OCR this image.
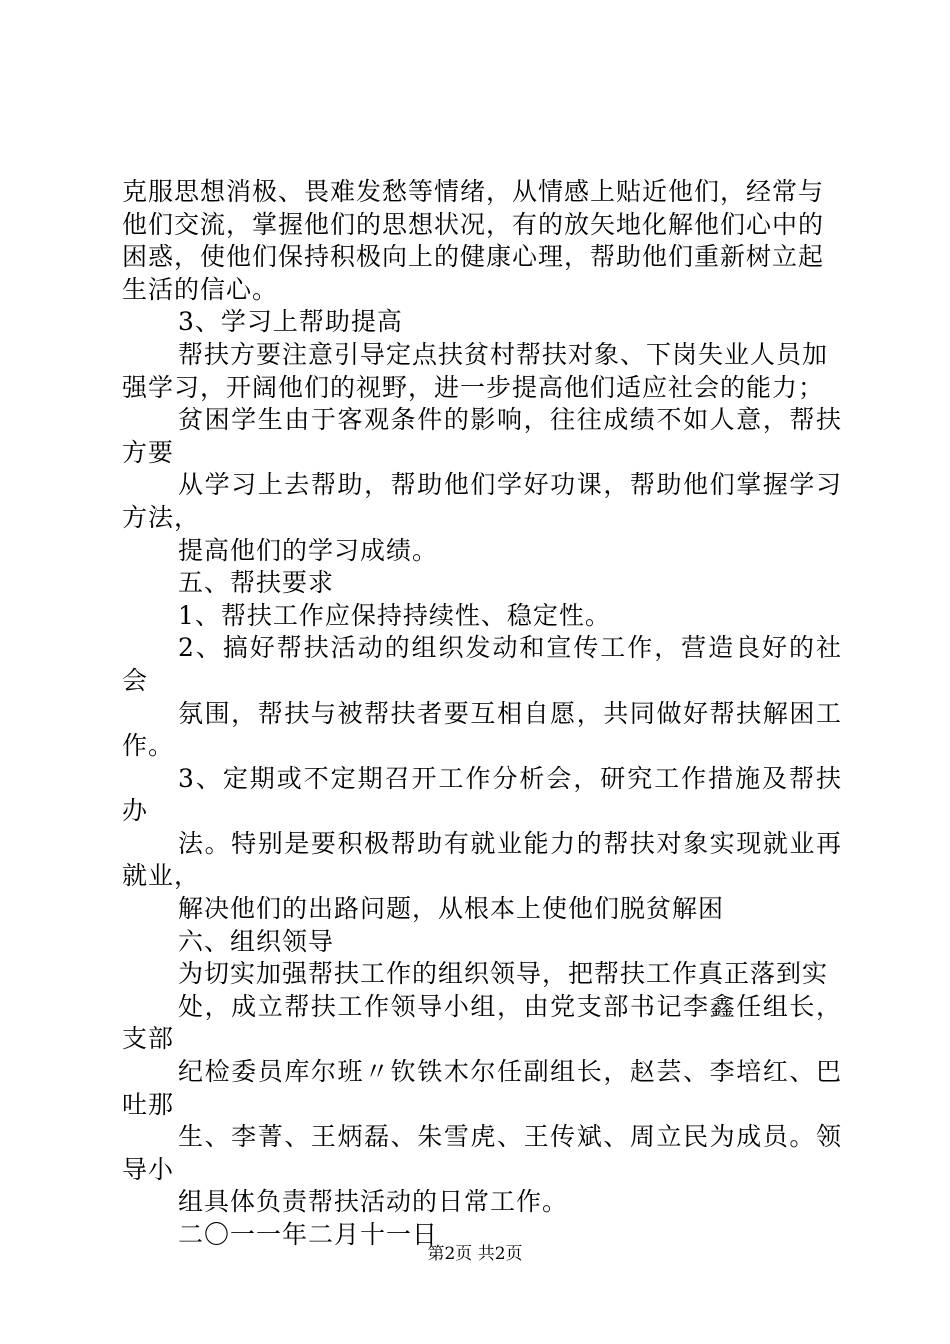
克服思想消极、畏难发愁等情绪，从情感上贴近他们，经常与
他们交流，掌握他们的思想状况，有的放矢地化解他们心中的
困惑，使他们保持积极向上的健康心理，帮助他们重新树立起
生活的信心。

3、学习上帮助提高

帮扶方要注意引导定点扶贫村帮扶对象、下岗失业人员加
强学习，开阔他们的视野，进一步提高他们适应社会的能力；
贫困学生由于客观条件的影响，往往成绩不如人意，帮扶方要
从学习上去帮助，帮助他们学好功课，帮助他们掌握学习方法，
提高他们的学习成绩。

五、帮扶要求

1、帮扶工作应保持持续性、稳定性。

2、搞好帮扶活动的组织发动和宣传工作，营造良好的社会
氛围，帮扶与被帮扶者要互相自愿，共同做好帮扶解困工作。

3、定期或不定期召开工作分析会，研究工作措施及帮扶办
法。特别是要积极帮助有就业能力的帮扶对象实现就业再就业，
解决他们的出路问题，从根本上使他们脱贫解困

六、组织领导

为切实加强帮扶工作的组织领导，把帮扶工作真正落到实
处，成立帮扶工作领导小组，由党支部书记李鑫任组长，支部
纪检委员库尔班〃钦铁木尔任副组长，赵芸、李培红、巴吐那
生、李菁、王炳磊、朱雪虎、王传斌、周立民为成员。领导小
组具体负责帮扶活动的日常工作。

二〇一一年二月十一日

第2页 共2页
